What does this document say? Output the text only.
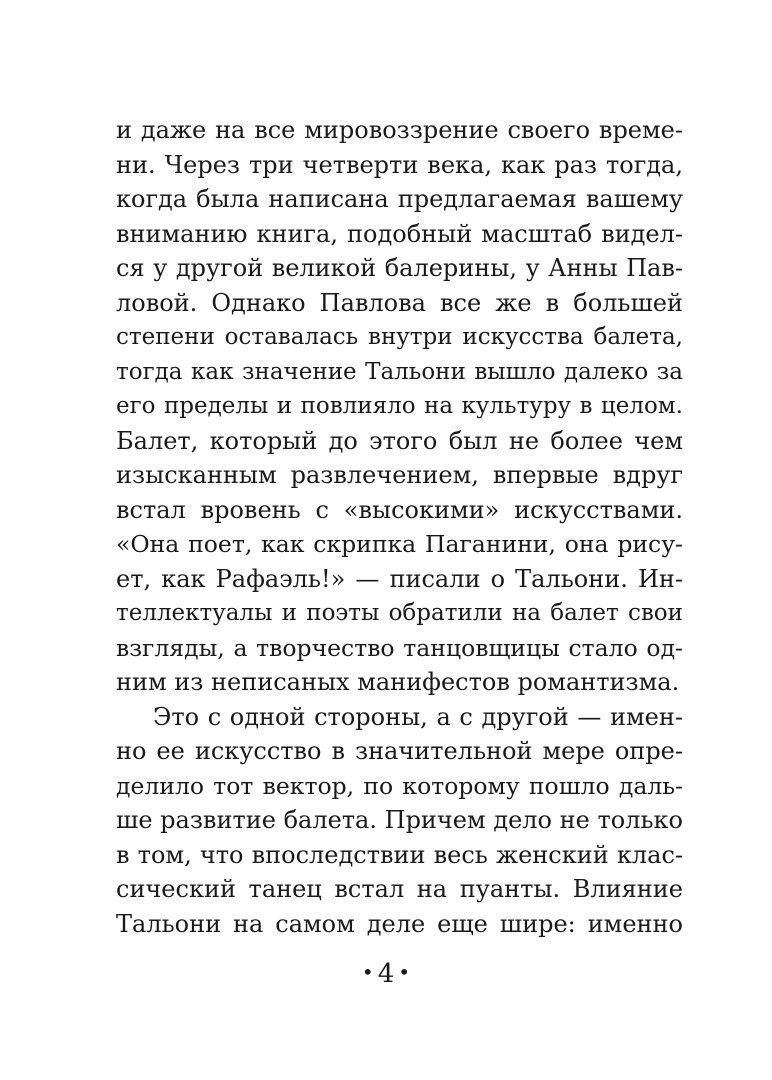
и даже на все мировоззрение своего време-
ни. Через три четверти века, как раз тогда,
когда была написана предлагаемая вашему
вниманию книга, подобный масштаб видел-
ся у другой великой балерины, у Анны Пав-
ловой. Однако Павлова все же в большей
степени оставалась внутри искусства балета,
тогда как значение Тальони вышло далеко за
его пределы и повлияло на культуру в целом.
Балет, который до этого был не более чем
изысканным развлечением, впервые вдруг
встал вровень с «высокими» искусствами.
«Она поет, как скрипка Паганини, она рису-
ет, как Рафаэль!» — писали о Тальони. Ин-
теллектуалы и поэты обратили на балет свои
взгляды, а творчество танцовщицы стало од-
ним из неписаных манифестов романтизма.
Это с одной стороны, а с другой — имен-
но ее искусство в значительной мере опре-
делило тот вектор, по которому пошло даль-
ше развитие балета. Причем дело не только
в том, что впоследствии весь женский клас-
сический танец встал на пуанты. Влияние
Тальони на самом деле еще шире: именно
• 4 •
